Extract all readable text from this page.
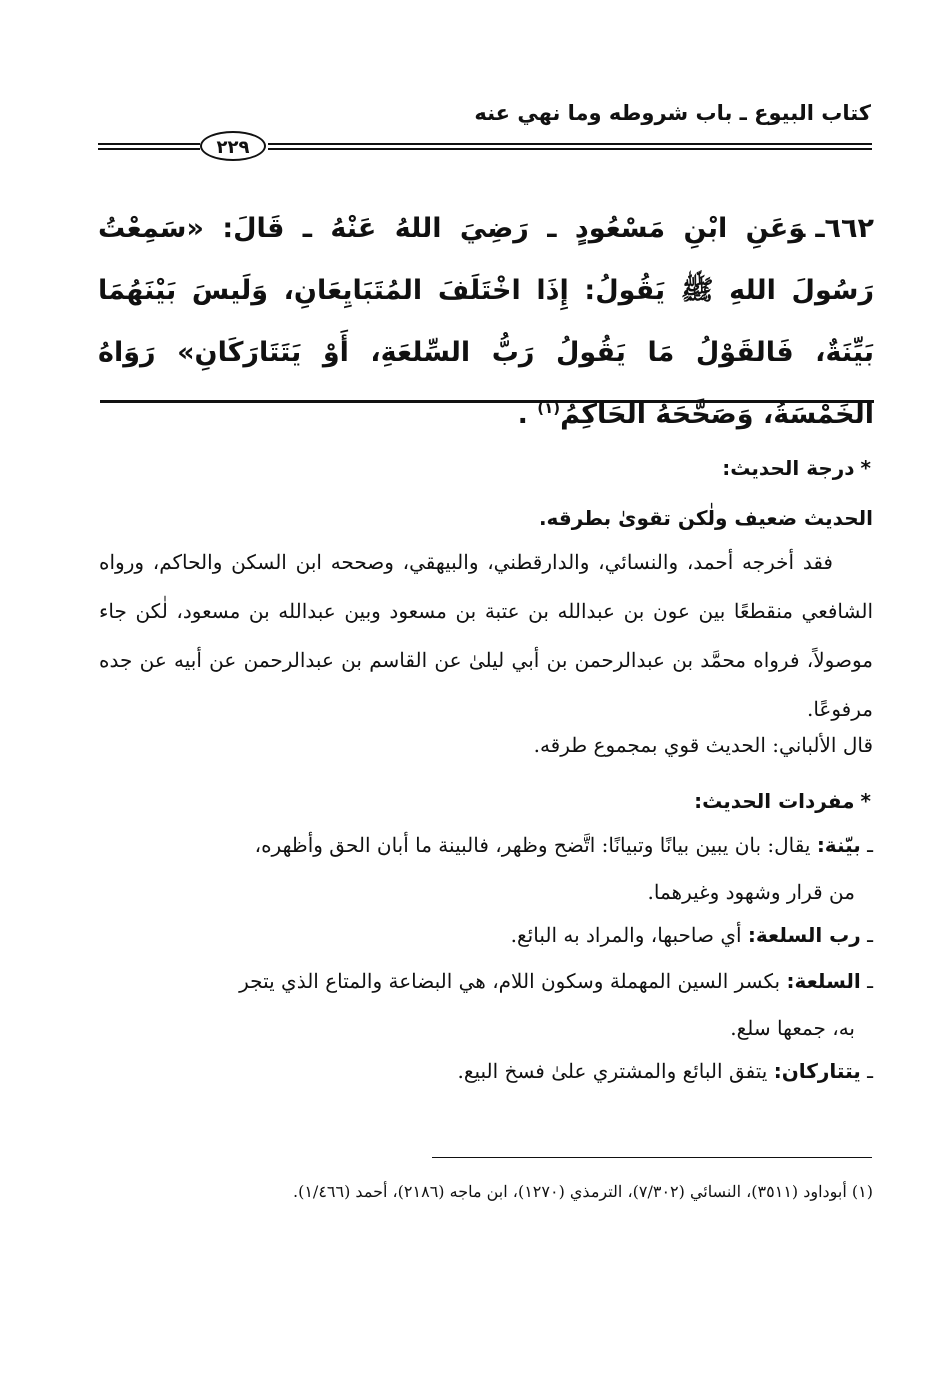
كتاب البيوع ـ باب شروطه وما نهي عنه
٢٢٩
٦٦٢ـوَعَنِ ابْنِ مَسْعُودٍ ـ رَضِيَ اللهُ عَنْهُ ـ قَالَ: «سَمِعْتُ رَسُولَ اللهِ ﷺ يَقُولُ: إِذَا اخْتَلَفَ المُتَبَايِعَانِ، وَلَيسَ بَيْنَهُمَا بَيِّنَةٌ، فَالقَوْلُ مَا يَقُولُ رَبُّ السِّلعَةِ، أَوْ يَتَتَارَكَانِ» رَوَاهُ الخَمْسَةُ، وَصَحَّحَهُ الحَاكِمُ$^{(١)}$ .
*درجة الحديث:
الحديث ضعيف ولٰكن تقوىٰ بطرقه.
فقد أخرجه أحمد، والنسائي، والدارقطني، والبيهقي، وصححه ابن السكن والحاكم، ورواه الشافعي منقطعًا بين عون بن عبدالله بن عتبة بن مسعود وبين عبدالله بن مسعود، لٰكن جاء موصولاً، فرواه محمَّد بن عبدالرحمن بن أبي ليلىٰ عن القاسم بن عبدالرحمن عن أبيه عن جده مرفوعًا.
قال الألباني: الحديث قوي بمجموع طرقه.
*مفردات الحديث:
ـ بيّنة: يقال: بان يبين بيانًا وتبيانًا: اتَّضح وظهر، فالبينة ما أبان الحق وأظهره،
من قرار وشهود وغيرهما.
ـ رب السلعة: أي صاحبها، والمراد به البائع.
ـ السلعة: بكسر السين المهملة وسكون اللام، هي البضاعة والمتاع الذي يتجر
به، جمعها سلع.
ـ يتتاركان: يتفق البائع والمشتري علىٰ فسخ البيع.
(١) أبوداود (٣٥١١)، النسائي (٧/٣٠٢)، الترمذي (١٢٧٠)، ابن ماجه (٢١٨٦)، أحمد (١/٤٦٦).
